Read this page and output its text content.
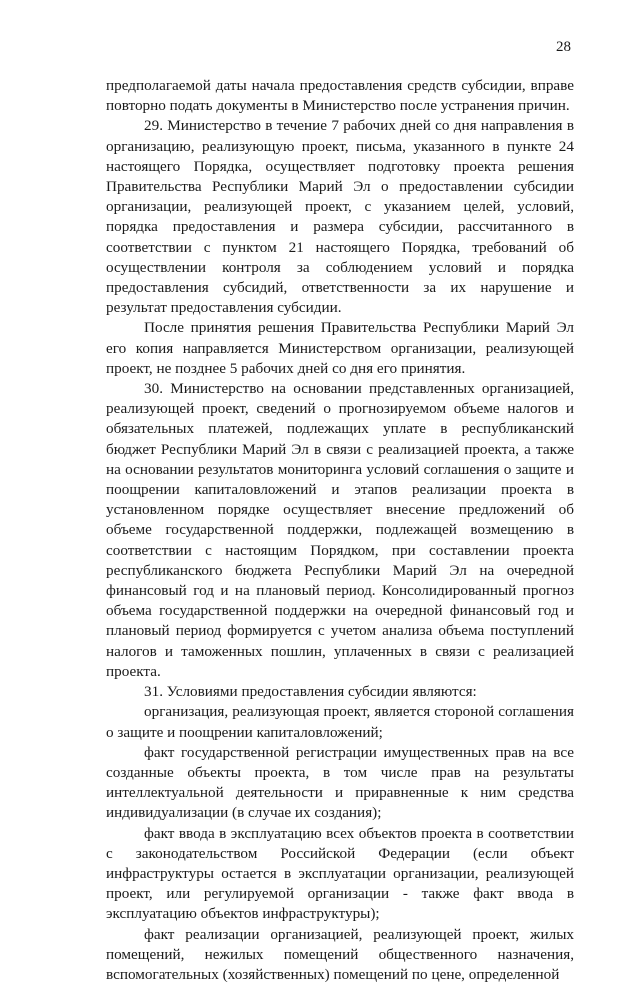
28

предполагаемой даты начала предоставления средств субсидии, вправе повторно подать документы в Министерство после устранения причин.

29. Министерство в течение 7 рабочих дней со дня направления в организацию, реализующую проект, письма, указанного в пункте 24 настоящего Порядка, осуществляет подготовку проекта решения Правительства Республики Марий Эл о предоставлении субсидии организации, реализующей проект, с указанием целей, условий, порядка предоставления и размера субсидии, рассчитанного в соответствии с пунктом 21 настоящего Порядка, требований об осуществлении контроля за соблюдением условий и порядка предоставления субсидий, ответственности за их нарушение и результат предоставления субсидии.

После принятия решения Правительства Республики Марий Эл его копия направляется Министерством организации, реализующей проект, не позднее 5 рабочих дней со дня его принятия.

30. Министерство на основании представленных организацией, реализующей проект, сведений о прогнозируемом объеме налогов и обязательных платежей, подлежащих уплате в республиканский бюджет Республики Марий Эл в связи с реализацией проекта, а также на основании результатов мониторинга условий соглашения о защите и поощрении капиталовложений и этапов реализации проекта в установленном порядке осуществляет внесение предложений об объеме государственной поддержки, подлежащей возмещению в соответствии с настоящим Порядком, при составлении проекта республиканского бюджета Республики Марий Эл на очередной финансовый год и на плановый период. Консолидированный прогноз объема государственной поддержки на очередной финансовый год и плановый период формируется с учетом анализа объема поступлений налогов и таможенных пошлин, уплаченных в связи с реализацией проекта.

31. Условиями предоставления субсидии являются:

организация, реализующая проект, является стороной соглашения о защите и поощрении капиталовложений;

факт государственной регистрации имущественных прав на все созданные объекты проекта, в том числе прав на результаты интеллектуальной деятельности и приравненные к ним средства индивидуализации (в случае их создания);

факт ввода в эксплуатацию всех объектов проекта в соответствии с законодательством Российской Федерации (если объект инфраструктуры остается в эксплуатации организации, реализующей проект, или регулируемой организации - также факт ввода в эксплуатацию объектов инфраструктуры);

факт реализации организацией, реализующей проект, жилых помещений, нежилых помещений общественного назначения, вспомогательных (хозяйственных) помещений по цене, определенной
